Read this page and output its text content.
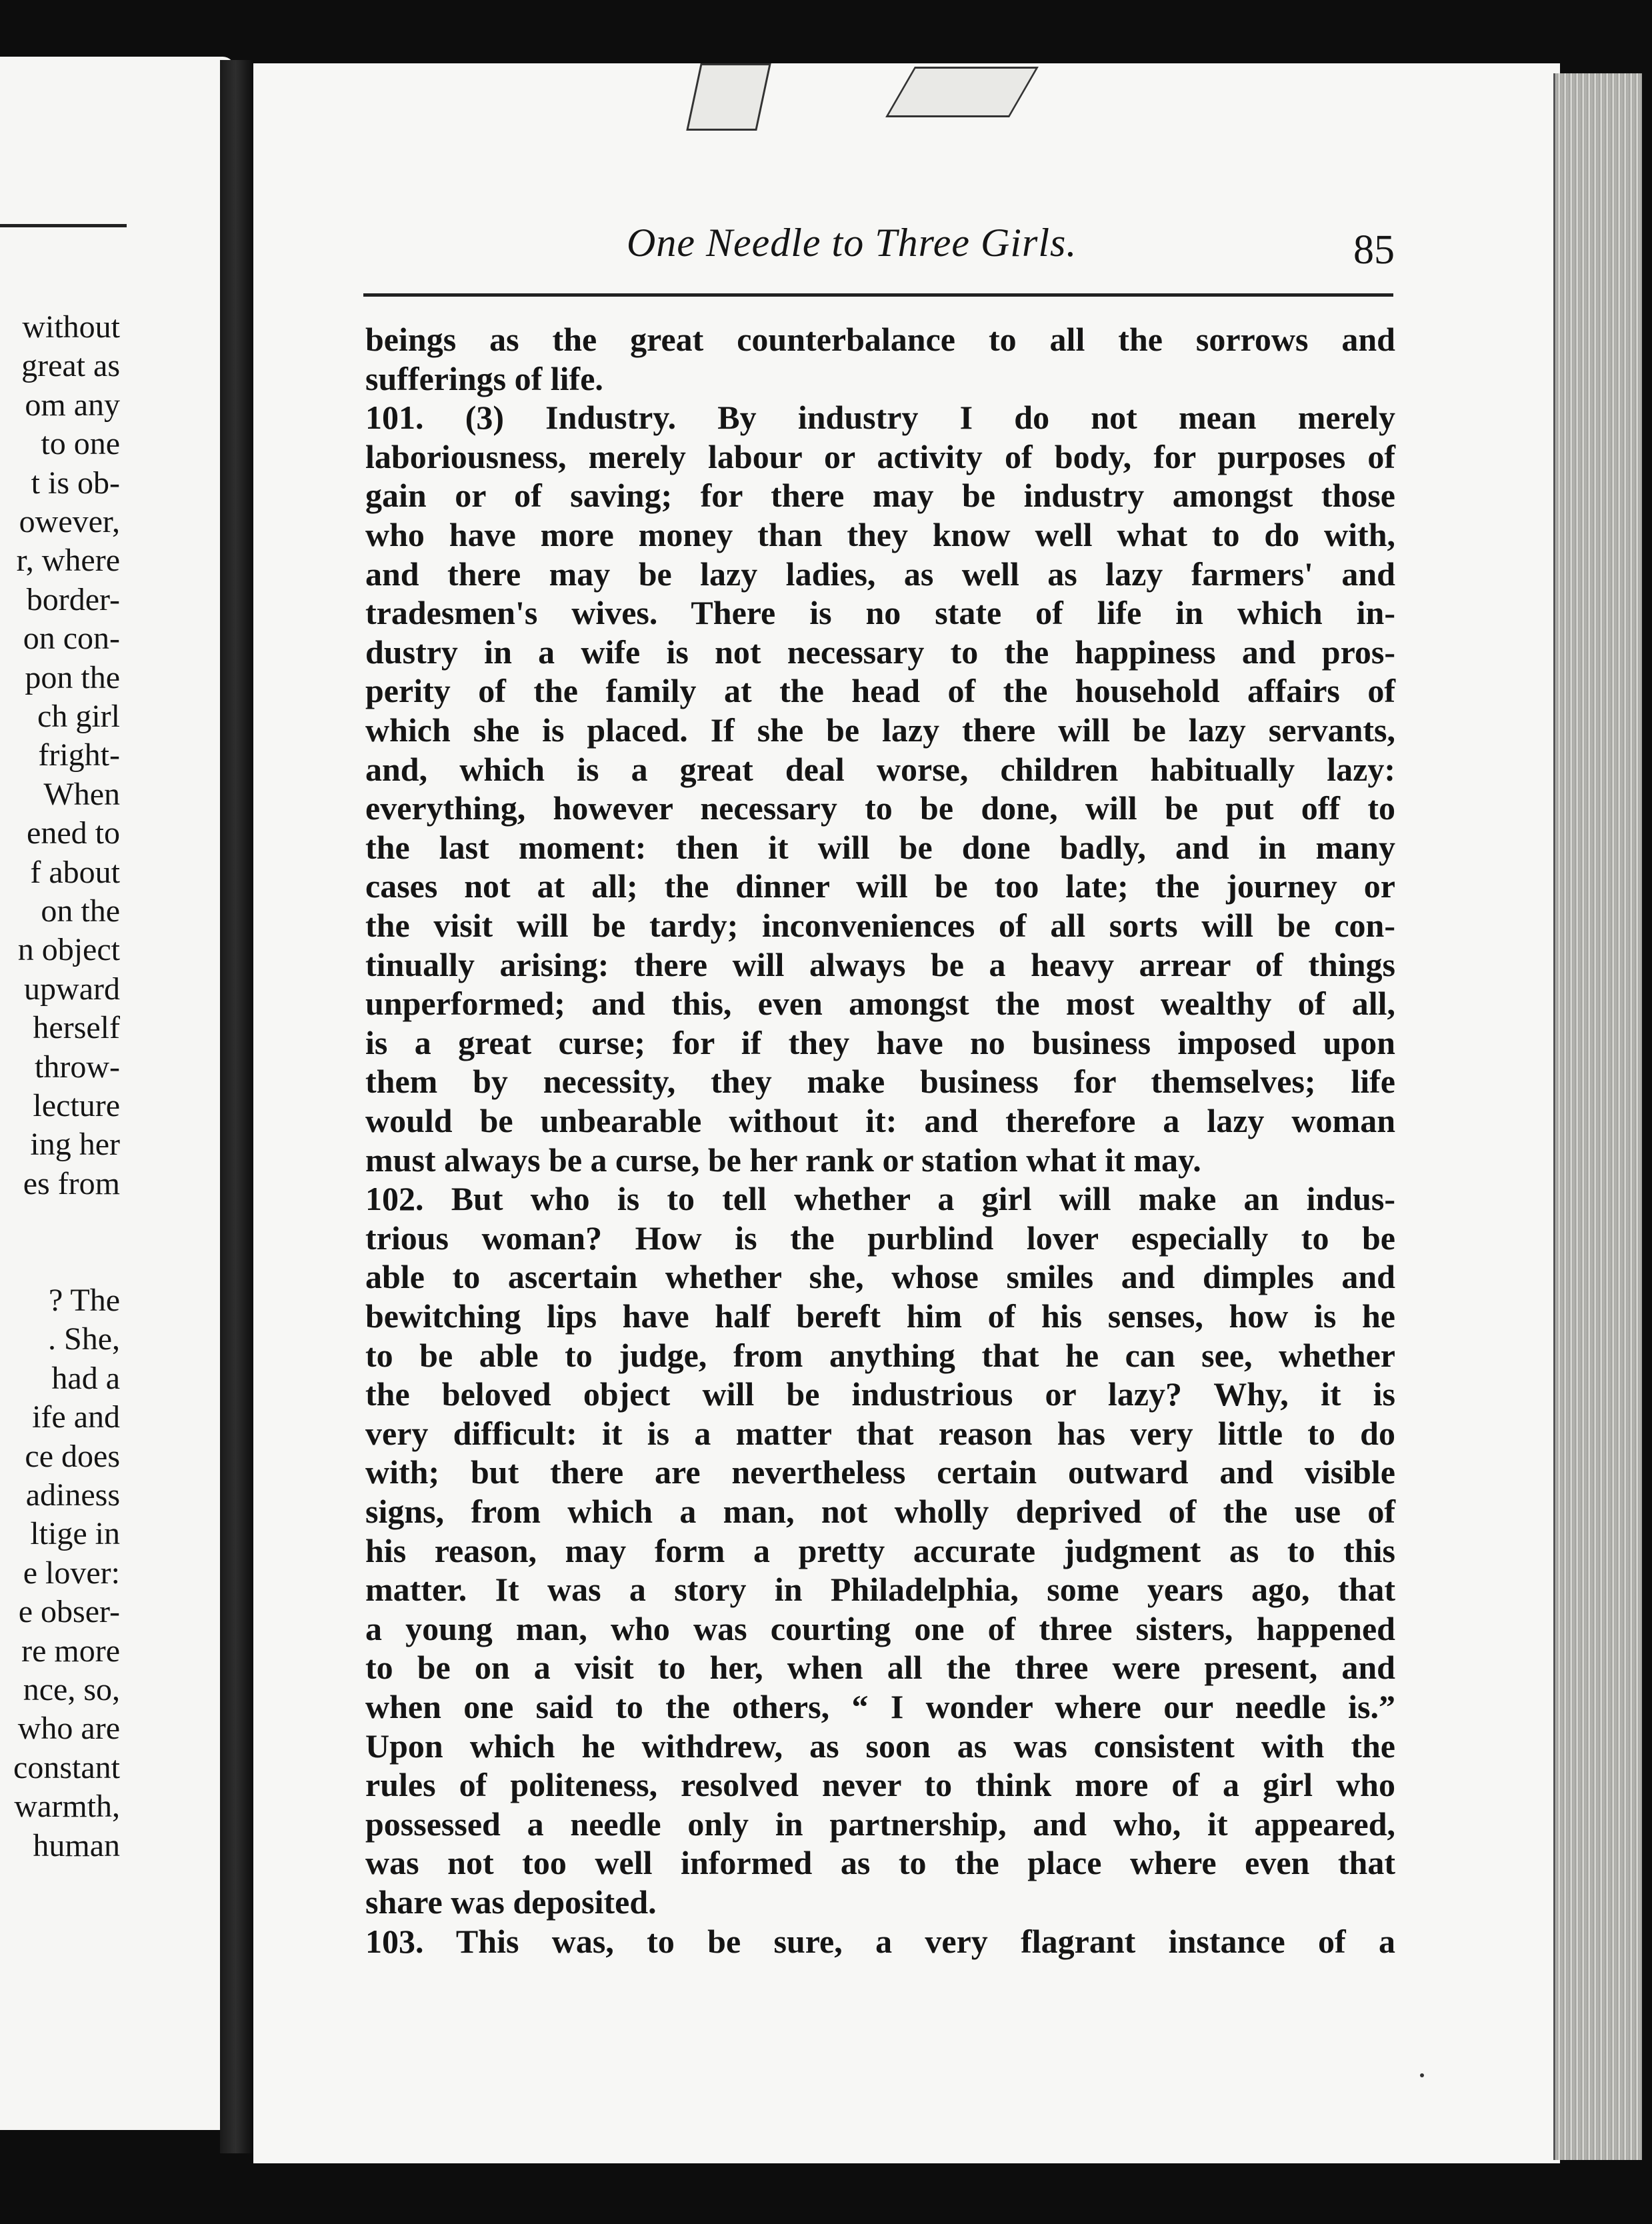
without
great as
om any
to one
t is ob-
owever,
r, where
border-
on con-
pon the
ch girl
fright-
When
ened to
f about
on the
n object
upward
herself
throw-
lecture
ing her
es from
? The
. She,
had a
ife and
ce does
adiness
ltige in
e lover:
e obser-
re more
nce, so,
who are
constant
warmth,
human
One Needle to Three Girls.	85
beings as the great counterbalance to all the sorrows and
sufferings of life.
101. (3) Industry. By industry I do not mean merely
laboriousness, merely labour or activity of body, for purposes of
gain or of saving; for there may be industry amongst those
who have more money than they know well what to do with,
and there may be lazy ladies, as well as lazy farmers' and
tradesmen's wives. There is no state of life in which in-
dustry in a wife is not necessary to the happiness and pros-
perity of the family at the head of the household affairs of
which she is placed. If she be lazy there will be lazy servants,
and, which is a great deal worse, children habitually lazy:
everything, however necessary to be done, will be put off to
the last moment: then it will be done badly, and in many
cases not at all; the dinner will be too late; the journey or
the visit will be tardy; inconveniences of all sorts will be con-
tinually arising: there will always be a heavy arrear of things
unperformed; and this, even amongst the most wealthy of all,
is a great curse; for if they have no business imposed upon
them by necessity, they make business for themselves; life
would be unbearable without it: and therefore a lazy woman
must always be a curse, be her rank or station what it may.
102. But who is to tell whether a girl will make an indus-
trious woman? How is the purblind lover especially to be
able to ascertain whether she, whose smiles and dimples and
bewitching lips have half bereft him of his senses, how is he
to be able to judge, from anything that he can see, whether
the beloved object will be industrious or lazy? Why, it is
very difficult: it is a matter that reason has very little to do
with; but there are nevertheless certain outward and visible
signs, from which a man, not wholly deprived of the use of
his reason, may form a pretty accurate judgment as to this
matter. It was a story in Philadelphia, some years ago, that
a young man, who was courting one of three sisters, happened
to be on a visit to her, when all the three were present, and
when one said to the others, “ I wonder where our needle is.”
Upon which he withdrew, as soon as was consistent with the
rules of politeness, resolved never to think more of a girl who
possessed a needle only in partnership, and who, it appeared,
was not too well informed as to the place where even that
share was deposited.
103. This was, to be sure, a very flagrant instance of a
